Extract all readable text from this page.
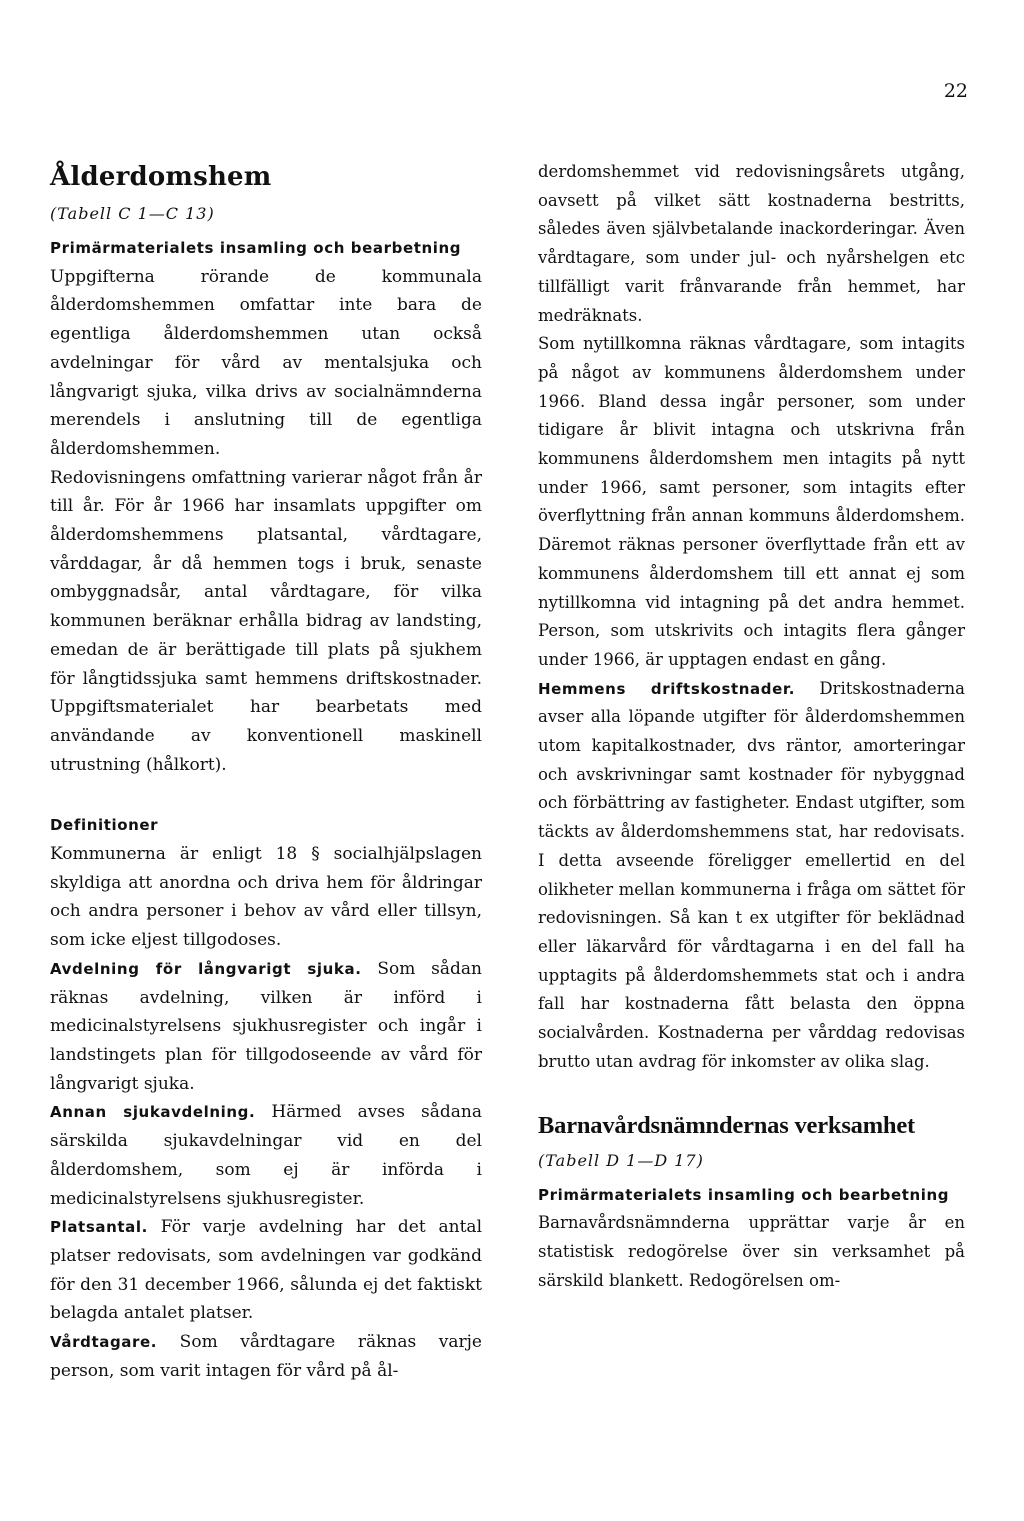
22
Ålderdomshem
(Tabell C 1—C 13)
Primärmaterialets insamling och bearbetning

Uppgifterna rörande de kommunala ålderdomshemmen omfattar inte bara de egentliga ålderdomshemmen utan också avdelningar för vård av mentalsjuka och långvarigt sjuka, vilka drivs av socialnämnderna merendels i anslutning till de egentliga ålderdomshemmen.

Redovisningens omfattning varierar något från år till år. För år 1966 har insamlats uppgifter om ålderdomshemmens platsantal, vårdtagare, vårddagar, år då hemmen togs i bruk, senaste ombyggnadsår, antal vårdtagare, för vilka kommunen beräknar erhålla bidrag av landsting, emedan de är berättigade till plats på sjukhem för långtidssjuka samt hemmens driftskostnader. Uppgiftsmaterialet har bearbetats med användande av konventionell maskinell utrustning (hålkort).

Definitioner

Kommunerna är enligt 18 § socialhjälpslagen skyldiga att anordna och driva hem för åldringar och andra personer i behov av vård eller tillsyn, som icke eljest tillgodoses.

Avdelning för långvarigt sjuka. Som sådan räknas avdelning, vilken är införd i medicinalstyrelsens sjukhusregister och ingår i landstingets plan för tillgodoseende av vård för långvarigt sjuka.

Annan sjukavdelning. Härmed avses sådana särskilda sjukavdelningar vid en del ålderdomshem, som ej är införda i medicinalstyrelsens sjukhusregister.

Platsantal. För varje avdelning har det antal platser redovisats, som avdelningen var godkänd för den 31 december 1966, sålunda ej det faktiskt belagda antalet platser.

Vårdtagare. Som vårdtagare räknas varje person, som varit intagen för vård på ål-

derdomshemmet vid redovisningsårets utgång, oavsett på vilket sätt kostnaderna bestritts, således även självbetalande inackorderingar. Även vårdtagare, som under jul- och nyårshelgen etc tillfälligt varit frånvarande från hemmet, har medräknats.

Som nytillkomna räknas vårdtagare, som intagits på något av kommunens ålderdomshem under 1966. Bland dessa ingår personer, som under tidigare år blivit intagna och utskrivna från kommunens ålderdomshem men intagits på nytt under 1966, samt personer, som intagits efter överflyttning från annan kommuns ålderdomshem. Däremot räknas personer överflyttade från ett av kommunens ålderdomshem till ett annat ej som nytillkomna vid intagning på det andra hemmet. Person, som utskrivits och intagits flera gånger under 1966, är upptagen endast en gång.

Hemmens driftskostnader. Dritskostnaderna avser alla löpande utgifter för ålderdomshemmen utom kapitalkostnader, dvs räntor, amorteringar och avskrivningar samt kostnader för nybyggnad och förbättring av fastigheter. Endast utgifter, som täckts av ålderdomshemmens stat, har redovisats. I detta avseende föreligger emellertid en del olikheter mellan kommunerna i fråga om sättet för redovisningen. Så kan t ex utgifter för beklädnad eller läkarvård för vårdtagarna i en del fall ha upptagits på ålderdomshemmets stat och i andra fall har kostnaderna fått belasta den öppna socialvården. Kostnaderna per vårddag redovisas brutto utan avdrag för inkomster av olika slag.

Barnavårdsnämndernas verksamhet
(Tabell D 1—D 17)
Primärmaterialets insamling och bearbetning

Barnavårdsnämnderna upprättar varje år en statistisk redogörelse över sin verksamhet på särskild blankett. Redogörelsen om-
